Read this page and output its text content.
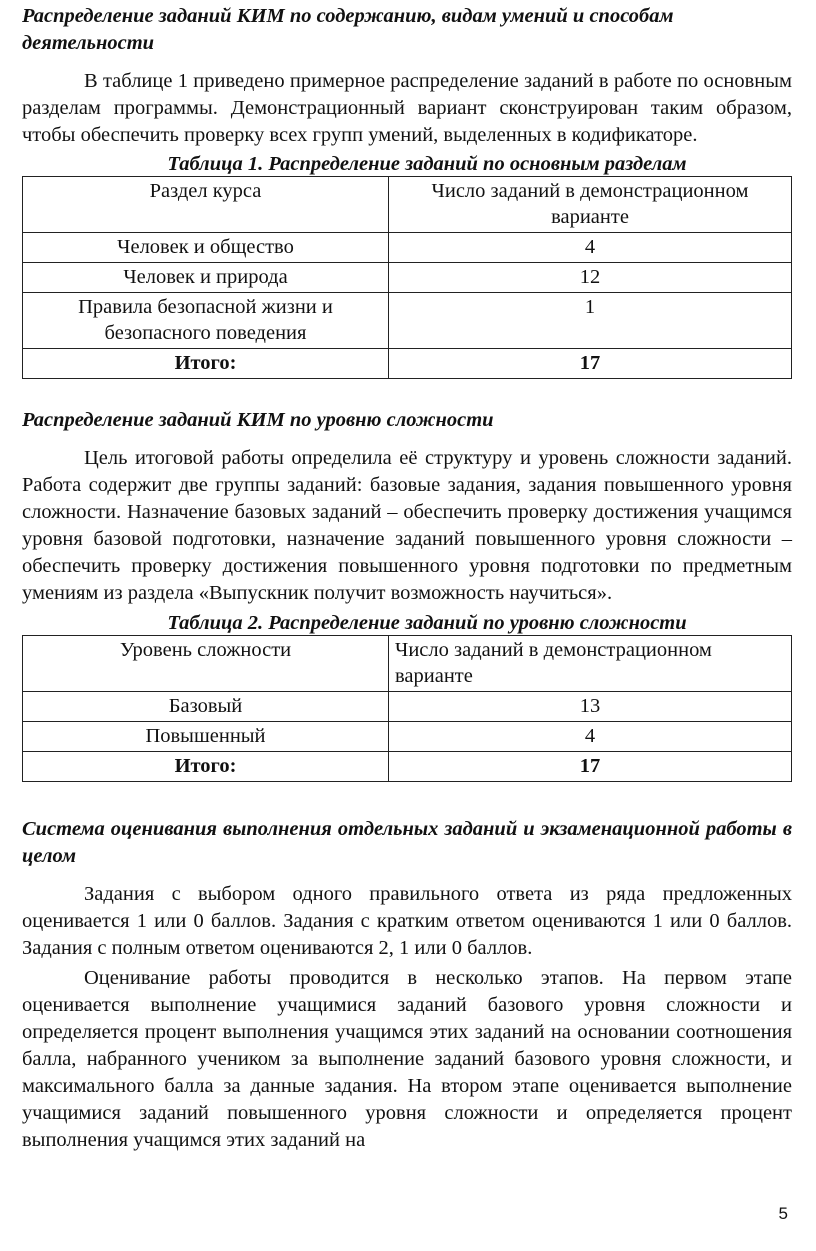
Распределение заданий КИМ по содержанию, видам умений и способам деятельности

В таблице 1 приведено примерное распределение заданий в работе по основным разделам программы. Демонстрационный вариант сконструирован таким образом, чтобы обеспечить проверку всех групп умений, выделенных в кодификаторе.

Таблица 1. Распределение заданий по основным разделам

Раздел курса	Число заданий в демонстрационном варианте
Человек и общество	4
Человек и природа	12
Правила безопасной жизни и безопасного поведения	1
Итого:	17

Распределение заданий КИМ по уровню сложности

Цель итоговой работы определила её структуру и уровень сложности заданий. Работа содержит две группы заданий: базовые задания, задания повышенного уровня сложности. Назначение базовых заданий – обеспечить проверку достижения учащимся уровня базовой подготовки, назначение заданий повышенного уровня сложности – обеспечить проверку достижения повышенного уровня подготовки по предметным умениям из раздела «Выпускник получит возможность научиться».

Таблица 2. Распределение заданий по уровню сложности

Уровень сложности	Число заданий в демонстрационном варианте
Базовый	13
Повышенный	4
Итого:	17

Система оценивания выполнения отдельных заданий и экзаменационной работы в целом

Задания с выбором одного правильного ответа из ряда предложенных оценивается 1 или 0 баллов. Задания с кратким ответом оцениваются 1 или 0 баллов. Задания с полным ответом оцениваются 2, 1 или 0 баллов.

Оценивание работы проводится в несколько этапов. На первом этапе оценивается выполнение учащимися заданий базового уровня сложности и определяется процент выполнения учащимся этих заданий на основании соотношения балла, набранного учеником за выполнение заданий базового уровня сложности, и максимального балла за данные задания. На втором этапе оценивается выполнение учащимися заданий повышенного уровня сложности и определяется процент выполнения учащимся этих заданий на

5
